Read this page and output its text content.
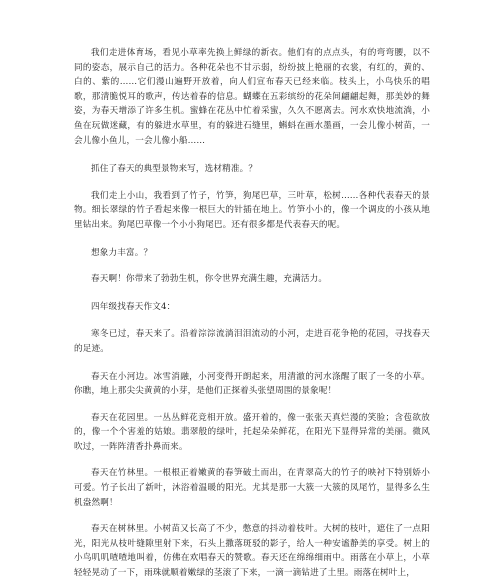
我们走进体育场，看见小草率先换上鲜绿的新衣。他们有的点点头，有的弯弯腰，以不同的姿态，展示自己的活力。各种花朵也不甘示弱，纷纷披上艳丽的衣裳，有红的，黄的、白的、紫的……它们漫山遍野开放着，向人们宣布春天已经来临。枝头上，小鸟快乐的唱歌，那清脆悦耳的歌声，传达着春的信息。蝴蝶在五彩缤纷的花朵间翩翩起舞，那美妙的舞姿，为春天增添了许多生机。蜜蜂在花丛中忙着采蜜，久久不愿离去。河水欢快地流淌，小鱼在玩做迷藏，有的躲进水草里，有的躲进石缝里，蝌蚪在画水墨画，一会儿像小树苗，一会儿像小鱼儿，一会儿像小船……

抓住了春天的典型景物来写，选材精准。？

我们走上小山，我看到了竹子，竹笋，狗尾巴草，三叶草，松树……各种代表春天的景物。细长翠绿的竹子看起来像一根巨大的针插在地上。竹笋小小的，像一个调皮的小孩从地里钻出来。狗尾巴草像一个小小狗尾巴。还有很多都是代表春天的呢。

想象力丰富。？

春天啊！你带来了勃勃生机，你令世界充满生趣，充满活力。

四年级找春天作文4：

寒冬已过，春天来了。沿着淙淙流淌泪泪流动的小河，走进百花争艳的花园，寻找春天的足迹。

春天在小河边。冰雪消融，小河变得开朗起来，用清澈的河水涤醒了眠了一冬的小草。你瞧，地上那尖尖黄黄的小芽，是他们正探着头张望周围的景象呢！

春天在花园里。一丛丛鲜花竞相开放。盛开着的，像一张张天真烂漫的笑脸；含苞欲放的，像一个个害羞的姑娘。翡翠般的绿叶，托起朵朵鲜花，在阳光下显得异常的美丽。微风吹过，一阵阵清香扑鼻而来。

春天在竹林里。一根根正着嫩黄的春笋破土而出，在青翠高大的竹子的映衬下特别娇小可爱。竹子长出了新叶，沐浴着温暖的阳光。尤其是那一大簇一大簇的凤尾竹，显得多么生机盎然啊！

春天在树林里。小树苗又长高了不少，憋意的抖动着枝叶。大树的枝叶，遮住了一点阳光，阳光从枝叶缝隙里射下来，石头上撒落斑驳的影子，给人一种安谧静美的享受。树上的小鸟叽叽喳喳地叫着，仿佛在欢唱春天的赞歌。春天还在绵绵细雨中。雨落在小草上，小草轻轻晃动了一下，雨珠就顺着嫩绿的茎滚了下来，一滴一滴钻进了土里。雨落在树叶上，
